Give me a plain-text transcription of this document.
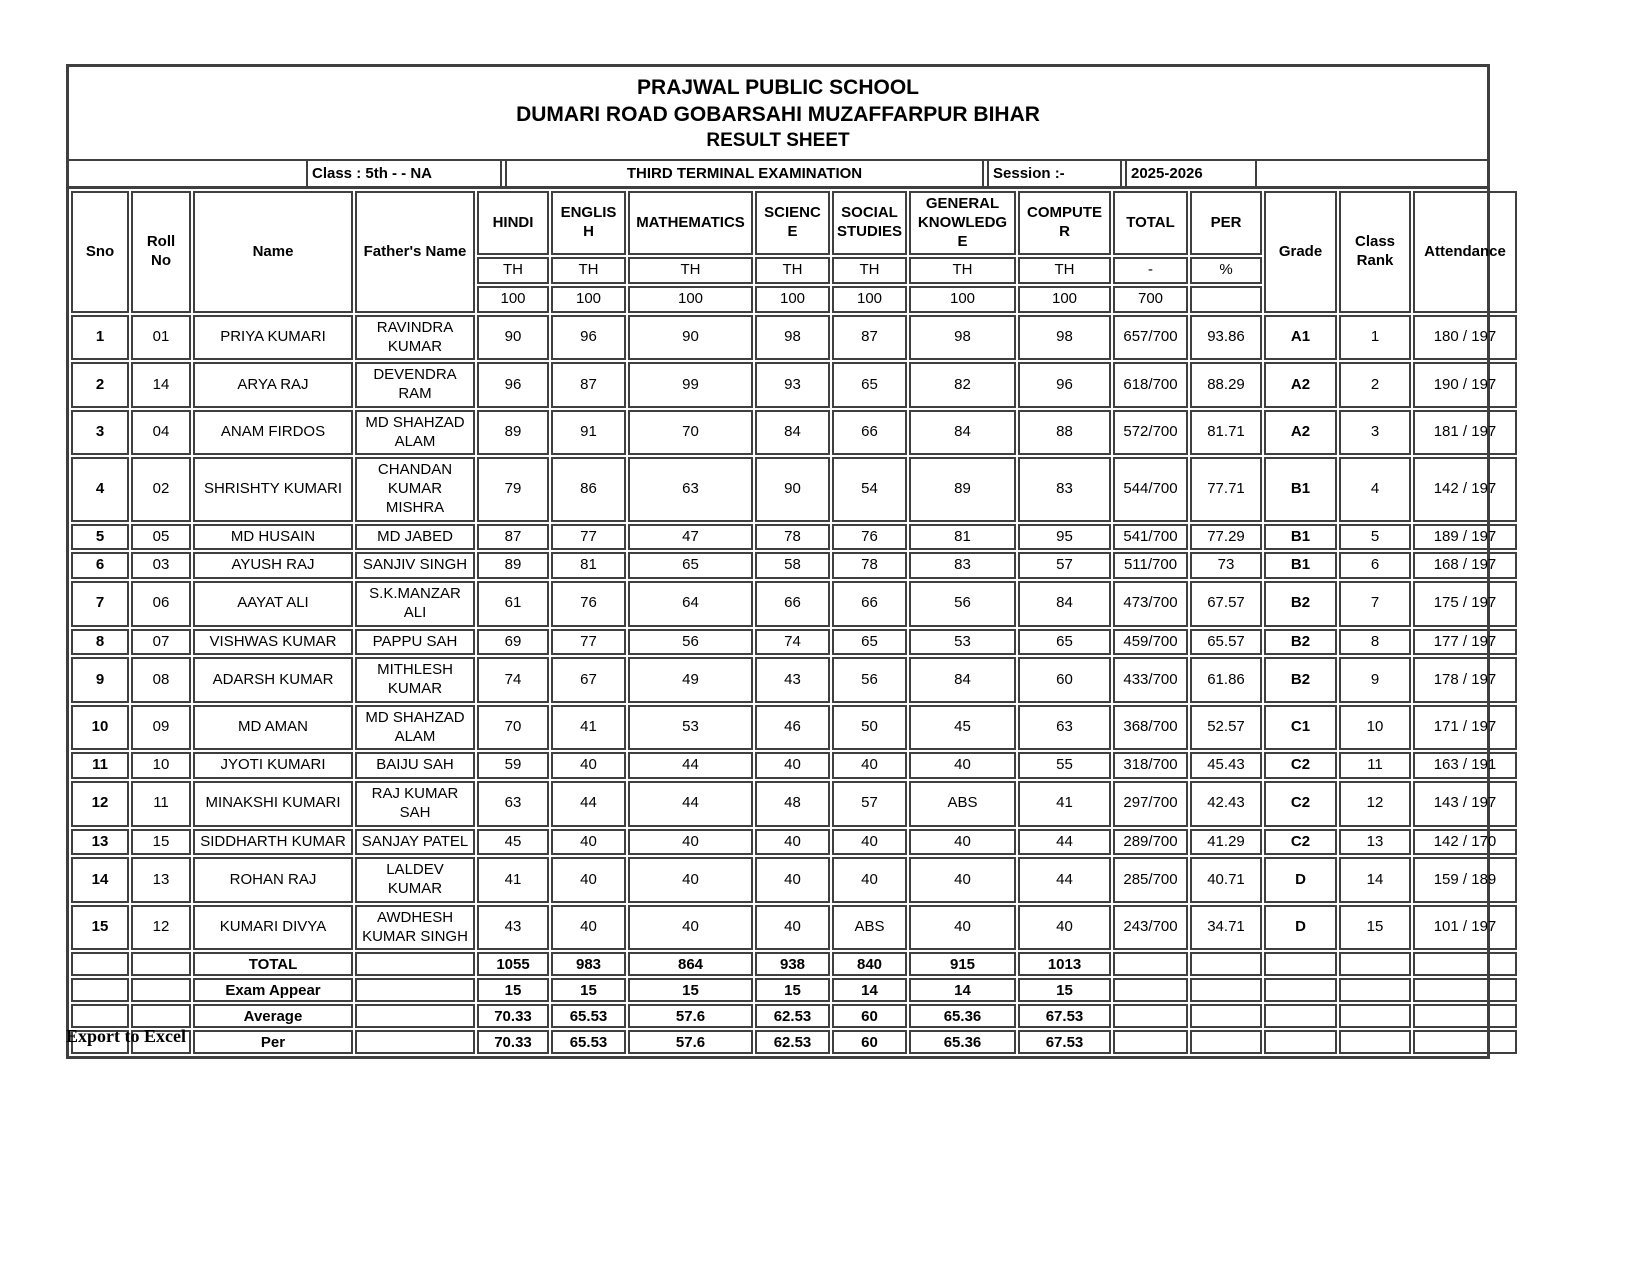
PRAJWAL PUBLIC SCHOOL
DUMARI ROAD GOBARSAHI MUZAFFARPUR BIHAR
RESULT SHEET
Class : 5th - - NA	THIRD TERMINAL EXAMINATION	Session :-	2025-2026
Sno	Roll No	Name	Father's Name	HINDI	ENGLISH	MATHEMATICS	SCIENCE	SOCIAL STUDIES	GENERAL KNOWLEDGE	COMPUTER	TOTAL	PER	Grade	Class Rank	Attendance
				TH	TH	TH	TH	TH	TH	TH	-	%			
				100	100	100	100	100	100	100	700				
1	01	PRIYA KUMARI	RAVINDRA KUMAR	90	96	90	98	87	98	98	657/700	93.86	A1	1	180 / 197
2	14	ARYA RAJ	DEVENDRA RAM	96	87	99	93	65	82	96	618/700	88.29	A2	2	190 / 197
3	04	ANAM FIRDOS	MD SHAHZAD ALAM	89	91	70	84	66	84	88	572/700	81.71	A2	3	181 / 197
4	02	SHRISHTY KUMARI	CHANDAN KUMAR MISHRA	79	86	63	90	54	89	83	544/700	77.71	B1	4	142 / 197
5	05	MD HUSAIN	MD JABED	87	77	47	78	76	81	95	541/700	77.29	B1	5	189 / 197
6	03	AYUSH RAJ	SANJIV SINGH	89	81	65	58	78	83	57	511/700	73	B1	6	168 / 197
7	06	AAYAT ALI	S.K.MANZAR ALI	61	76	64	66	66	56	84	473/700	67.57	B2	7	175 / 197
8	07	VISHWAS KUMAR	PAPPU SAH	69	77	56	74	65	53	65	459/700	65.57	B2	8	177 / 197
9	08	ADARSH KUMAR	MITHLESH KUMAR	74	67	49	43	56	84	60	433/700	61.86	B2	9	178 / 197
10	09	MD AMAN	MD SHAHZAD ALAM	70	41	53	46	50	45	63	368/700	52.57	C1	10	171 / 197
11	10	JYOTI KUMARI	BAIJU SAH	59	40	44	40	40	40	55	318/700	45.43	C2	11	163 / 191
12	11	MINAKSHI KUMARI	RAJ KUMAR SAH	63	44	44	48	57	ABS	41	297/700	42.43	C2	12	143 / 197
13	15	SIDDHARTH KUMAR	SANJAY PATEL	45	40	40	40	40	40	44	289/700	41.29	C2	13	142 / 170
14	13	ROHAN RAJ	LALDEV KUMAR	41	40	40	40	40	40	44	285/700	40.71	D	14	159 / 189
15	12	KUMARI DIVYA	AWDHESH KUMAR SINGH	43	40	40	40	ABS	40	40	243/700	34.71	D	15	101 / 197
		TOTAL		1055	983	864	938	840	915	1013					
		Exam Appear		15	15	15	15	14	14	15					
		Average		70.33	65.53	57.6	62.53	60	65.36	67.53					
		Per		70.33	65.53	57.6	62.53	60	65.36	67.53					
Export to Excel
